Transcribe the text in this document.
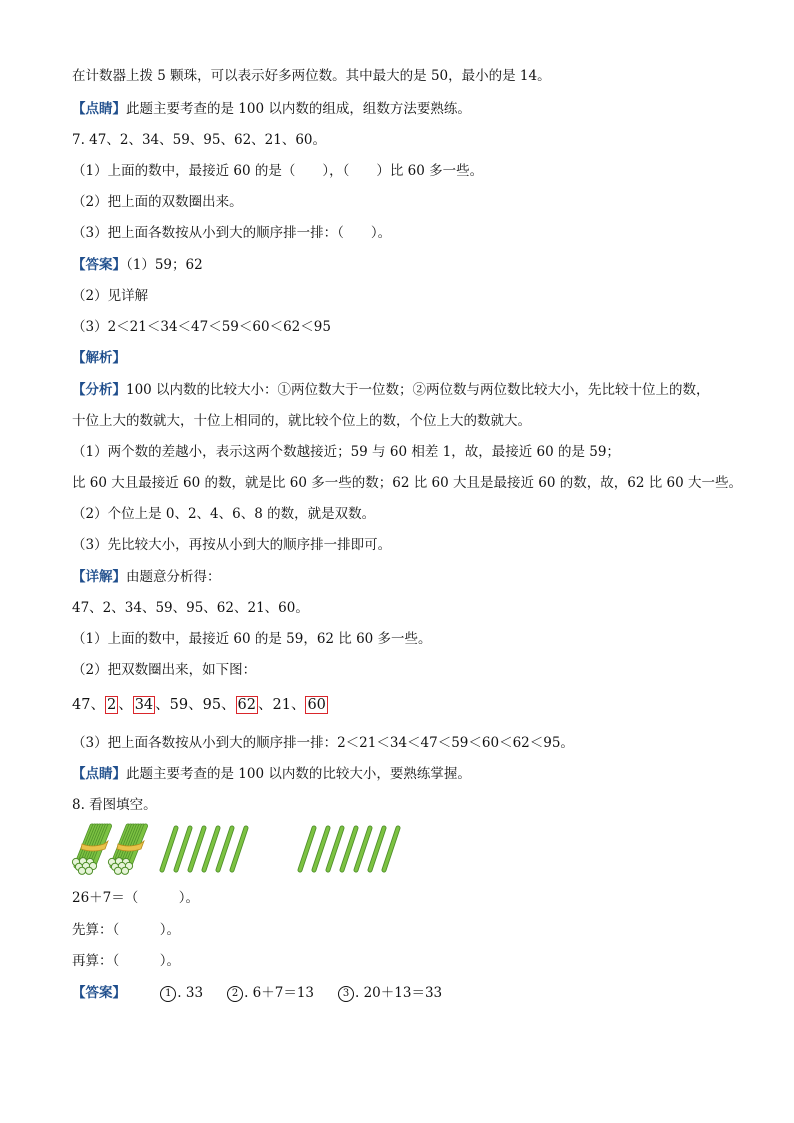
在计数器上拨 5 颗珠，可以表示好多两位数。其中最大的是 50，最小的是 14。
【点睛】此题主要考查的是 100 以内数的组成，组数方法要熟练。
7. 47、2、34、59、95、62、21、60。
（1）上面的数中，最接近 60 的是（　　），（　　）比 60 多一些。
（2）把上面的双数圈出来。
（3）把上面各数按从小到大的顺序排一排：（　　）。
【答案】（1）59；62
（2）见详解
（3）2＜21＜34＜47＜59＜60＜62＜95
【解析】
【分析】100 以内数的比较大小：①两位数大于一位数；②两位数与两位数比较大小，先比较十位上的数，
十位上大的数就大，十位上相同的，就比较个位上的数，个位上大的数就大。
（1）两个数的差越小，表示这两个数越接近；59 与 60 相差 1，故，最接近 60 的是 59；
比 60 大且最接近 60 的数，就是比 60 多一些的数；62 比 60 大且是最接近 60 的数，故，62 比 60 大一些。
（2）个位上是 0、2、4、6、8 的数，就是双数。
（3）先比较大小，再按从小到大的顺序排一排即可。
【详解】由题意分析得：
47、2、34、59、95、62、21、60。
（1）上面的数中，最接近 60 的是 59，62 比 60 多一些。
（2）把双数圈出来，如下图：
47、 2 、 34 、59、95、 62 、21、 60
（3）把上面各数按从小到大的顺序排一排：2＜21＜34＜47＜59＜60＜62＜95。
【点睛】此题主要考查的是 100 以内数的比较大小，要熟练掌握。
8. 看图填空。
26＋7＝（　　　）。
先算：（　　　）。
再算：（　　　）。
【答案】	1 . 33	2 . 6＋7＝13	3 . 20＋13＝33
